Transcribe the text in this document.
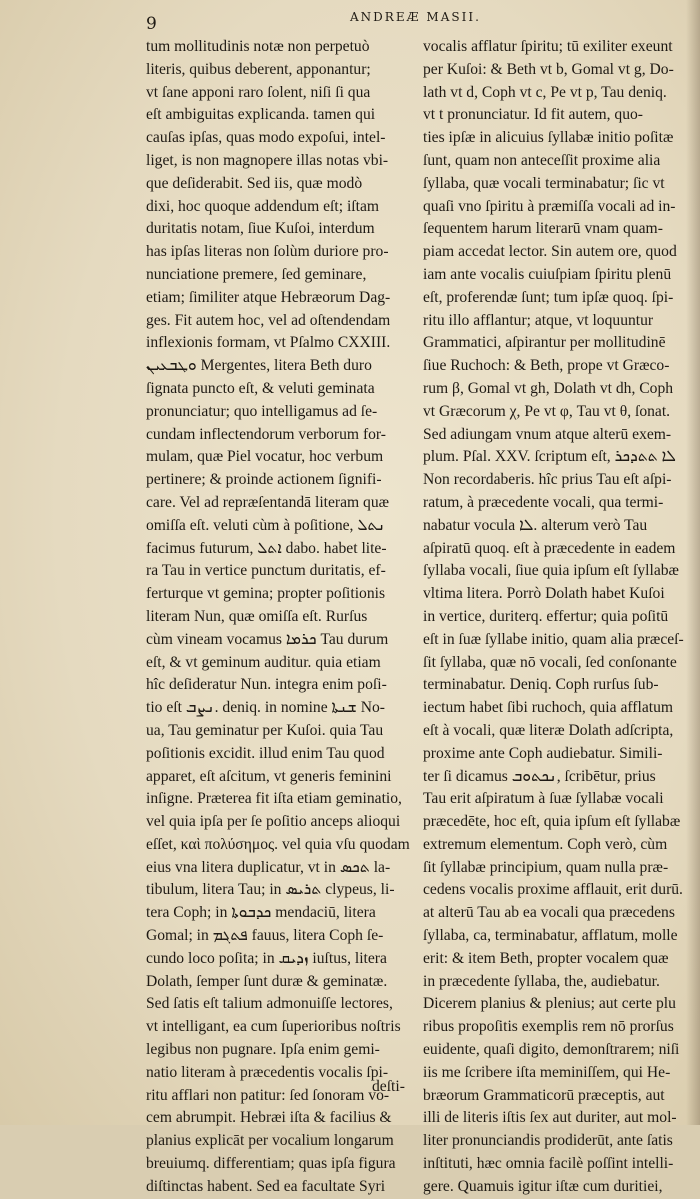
9	ANDREÆ MASII.
tum mollitudinis notæ non perpetuò
literis, quibus deberent, apponantur;
vt ſane apponi raro ſolent, niſi ſi qua
eſt ambiguitas explicanda. tamen qui
cauſas ipſas, quas modo expoſui, intel-
liget, is non magnopere illas notas vbi-
que deſiderabit. Sed iis, quæ modò
dixi, hoc quoque addendum eſt; iſtam
duritatis notam, ſiue Kuſoi, interdum
has ipſas literas non ſolùm duriore pro-
nunciatione premere, ſed geminare,
etiam; ſimiliter atque Hebræorum Dag-
ges. Fit autem hoc, vel ad oſtendendam
inflexionis formam, vt Pſalmo CXXIII.
ܘܛܒܥܝܢ Mergentes, litera Beth duro
ſignata puncto eſt, & veluti geminata
pronunciatur; quo intelligamus ad ſe-
cundam inflectendorum verborum for-
mulam, quæ Piel vocatur, hoc verbum
pertinere; & proinde actionem ſignifi-
care. Vel ad repræſentandā literam quæ
omiſſa eſt. veluti cùm à poſitione, ܢܬܠ
facimus futurum, ܐܬܠ dabo. habet lite-
ra Tau in vertice punctum duritatis, ef-
ferturque vt gemina; propter poſitionis
literam Nun, quæ omiſſa eſt. Rurſus
cùm vineam vocamus ܟܪܡܐ Tau durum
eſt, & vt geminum auditur. quia etiam
hîc deſideratur Nun. integra enim poſi-
tio eſt ܢܨܒ. deniq. in nomine ܫܢܬܐ No-
ua, Tau geminatur per Kuſoi. quia Tau
poſitionis excidit. illud enim Tau quod
apparet, eſt aſcitum, vt generis feminini
inſigne. Præterea fit iſta etiam geminatio,
vel quia ipſa per ſe poſitio anceps alioqui
eſſet, καὶ πολύσημος. vel quia vſu quodam
eius vna litera duplicatur, vt in ܬܟܣ la-
tibulum, litera Tau; in ܬܪܝܣ clypeus, li-
tera Coph; in ܟܕܒܘܬܐ mendaciū, litera
Gomal; in ܦܬܓܡ fauus, litera Coph ſe-
cundo loco poſita; in ܙܕܝܩ iuſtus, litera
Dolath, ſemper ſunt duræ & geminatæ.
Sed ſatis eſt talium admonuiſſe lectores,
vt intelligant, ea cum ſuperioribus noſtris
legibus non pugnare. Ipſa enim gemi-
natio literam à præcedentis vocalis ſpi-
ritu afflari non patitur: ſed ſonoram vo-
cem abrumpit. Hebræi iſta & facilius &
planius explicāt per vocalium longarum
breuiumq. differentiam; quas ipſa figura
diſtinctas habent. Sed ea facultate Syri
vocalis afflatur ſpiritu; tū exiliter exeunt
per Kuſoi: & Beth vt b, Gomal vt g, Do-
lath vt d, Coph vt c, Pe vt p, Tau deniq.
vt t pronunciatur. Id fit autem, quo-
ties ipſæ in alicuius ſyllabæ initio poſitæ
ſunt, quam non anteceſſit proxime alia
ſyllaba, quæ vocali terminabatur; ſic vt
quaſi vno ſpiritu à præmiſſa vocali ad in-
ſequentem harum literarū vnam quam-
piam accedat lector. Sin autem ore, quod
iam ante vocalis cuiuſpiam ſpiritu plenū
eſt, proferendæ ſunt; tum ipſæ quoq. ſpi-
ritu illo afflantur; atque, vt loquuntur
Grammatici, aſpirantur per mollitudinē
ſiue Ruchoch: & Beth, prope vt Græco-
rum β, Gomal vt gh, Dolath vt dh, Coph
vt Græcorum χ, Pe vt φ, Tau vt θ, ſonat.
Sed adiungam vnum atque alterū exem-
plum. Pſal. XXV. ſcriptum eſt, ܠܐ ܬܬܕܟܪ
Non recordaberis. hîc prius Tau eſt aſpi-
ratum, à præcedente vocali, qua termi-
nabatur vocula ܠܐ. alterum verò Tau
aſpiratū quoq. eſt à præcedente in eadem
ſyllaba vocali, ſiue quia ipſum eſt ſyllabæ
vltima litera. Porrò Dolath habet Kuſoi
in vertice, duriterq. effertur; quia poſitū
eſt in ſuæ ſyllabe initio, quam alia præceſ-
ſit ſyllaba, quæ nō vocali, ſed conſonante
terminabatur. Deniq. Coph rurſus ſub-
iectum habet ſibi ruchoch, quia afflatum
eſt à vocali, quæ literæ Dolath adſcripta,
proxime ante Coph audiebatur. Simili-
ter ſi dicamus ܢܟܬܘܒ, ſcribētur, prius
Tau erit aſpiratum à ſuæ ſyllabæ vocali
præcedēte, hoc eſt, quia ipſum eſt ſyllabæ
extremum elementum. Coph verò, cùm
ſit ſyllabæ principium, quam nulla præ-
cedens vocalis proxime afflauit, erit durū.
at alterū Tau ab ea vocali qua præcedens
ſyllaba, ca, terminabatur, afflatum, molle
erit: & item Beth, propter vocalem quæ
in præcedente ſyllaba, the, audiebatur.
Dicerem planius & plenius; aut certe plu
ribus propoſitis exemplis rem nō prorſus
euidente, quaſi digito, demonſtrarem; niſi
iis me ſcribere iſta meminiſſem, qui He-
bræorum Grammaticorū præceptis, aut
illi de literis iſtis ſex aut duriter, aut mol-
liter pronunciandis prodiderūt, ante ſatis
inſtituti, hæc omnia facilè poſſint intelli-
gere. Quamuis igitur iſtæ cum duritiei,
deſti-
